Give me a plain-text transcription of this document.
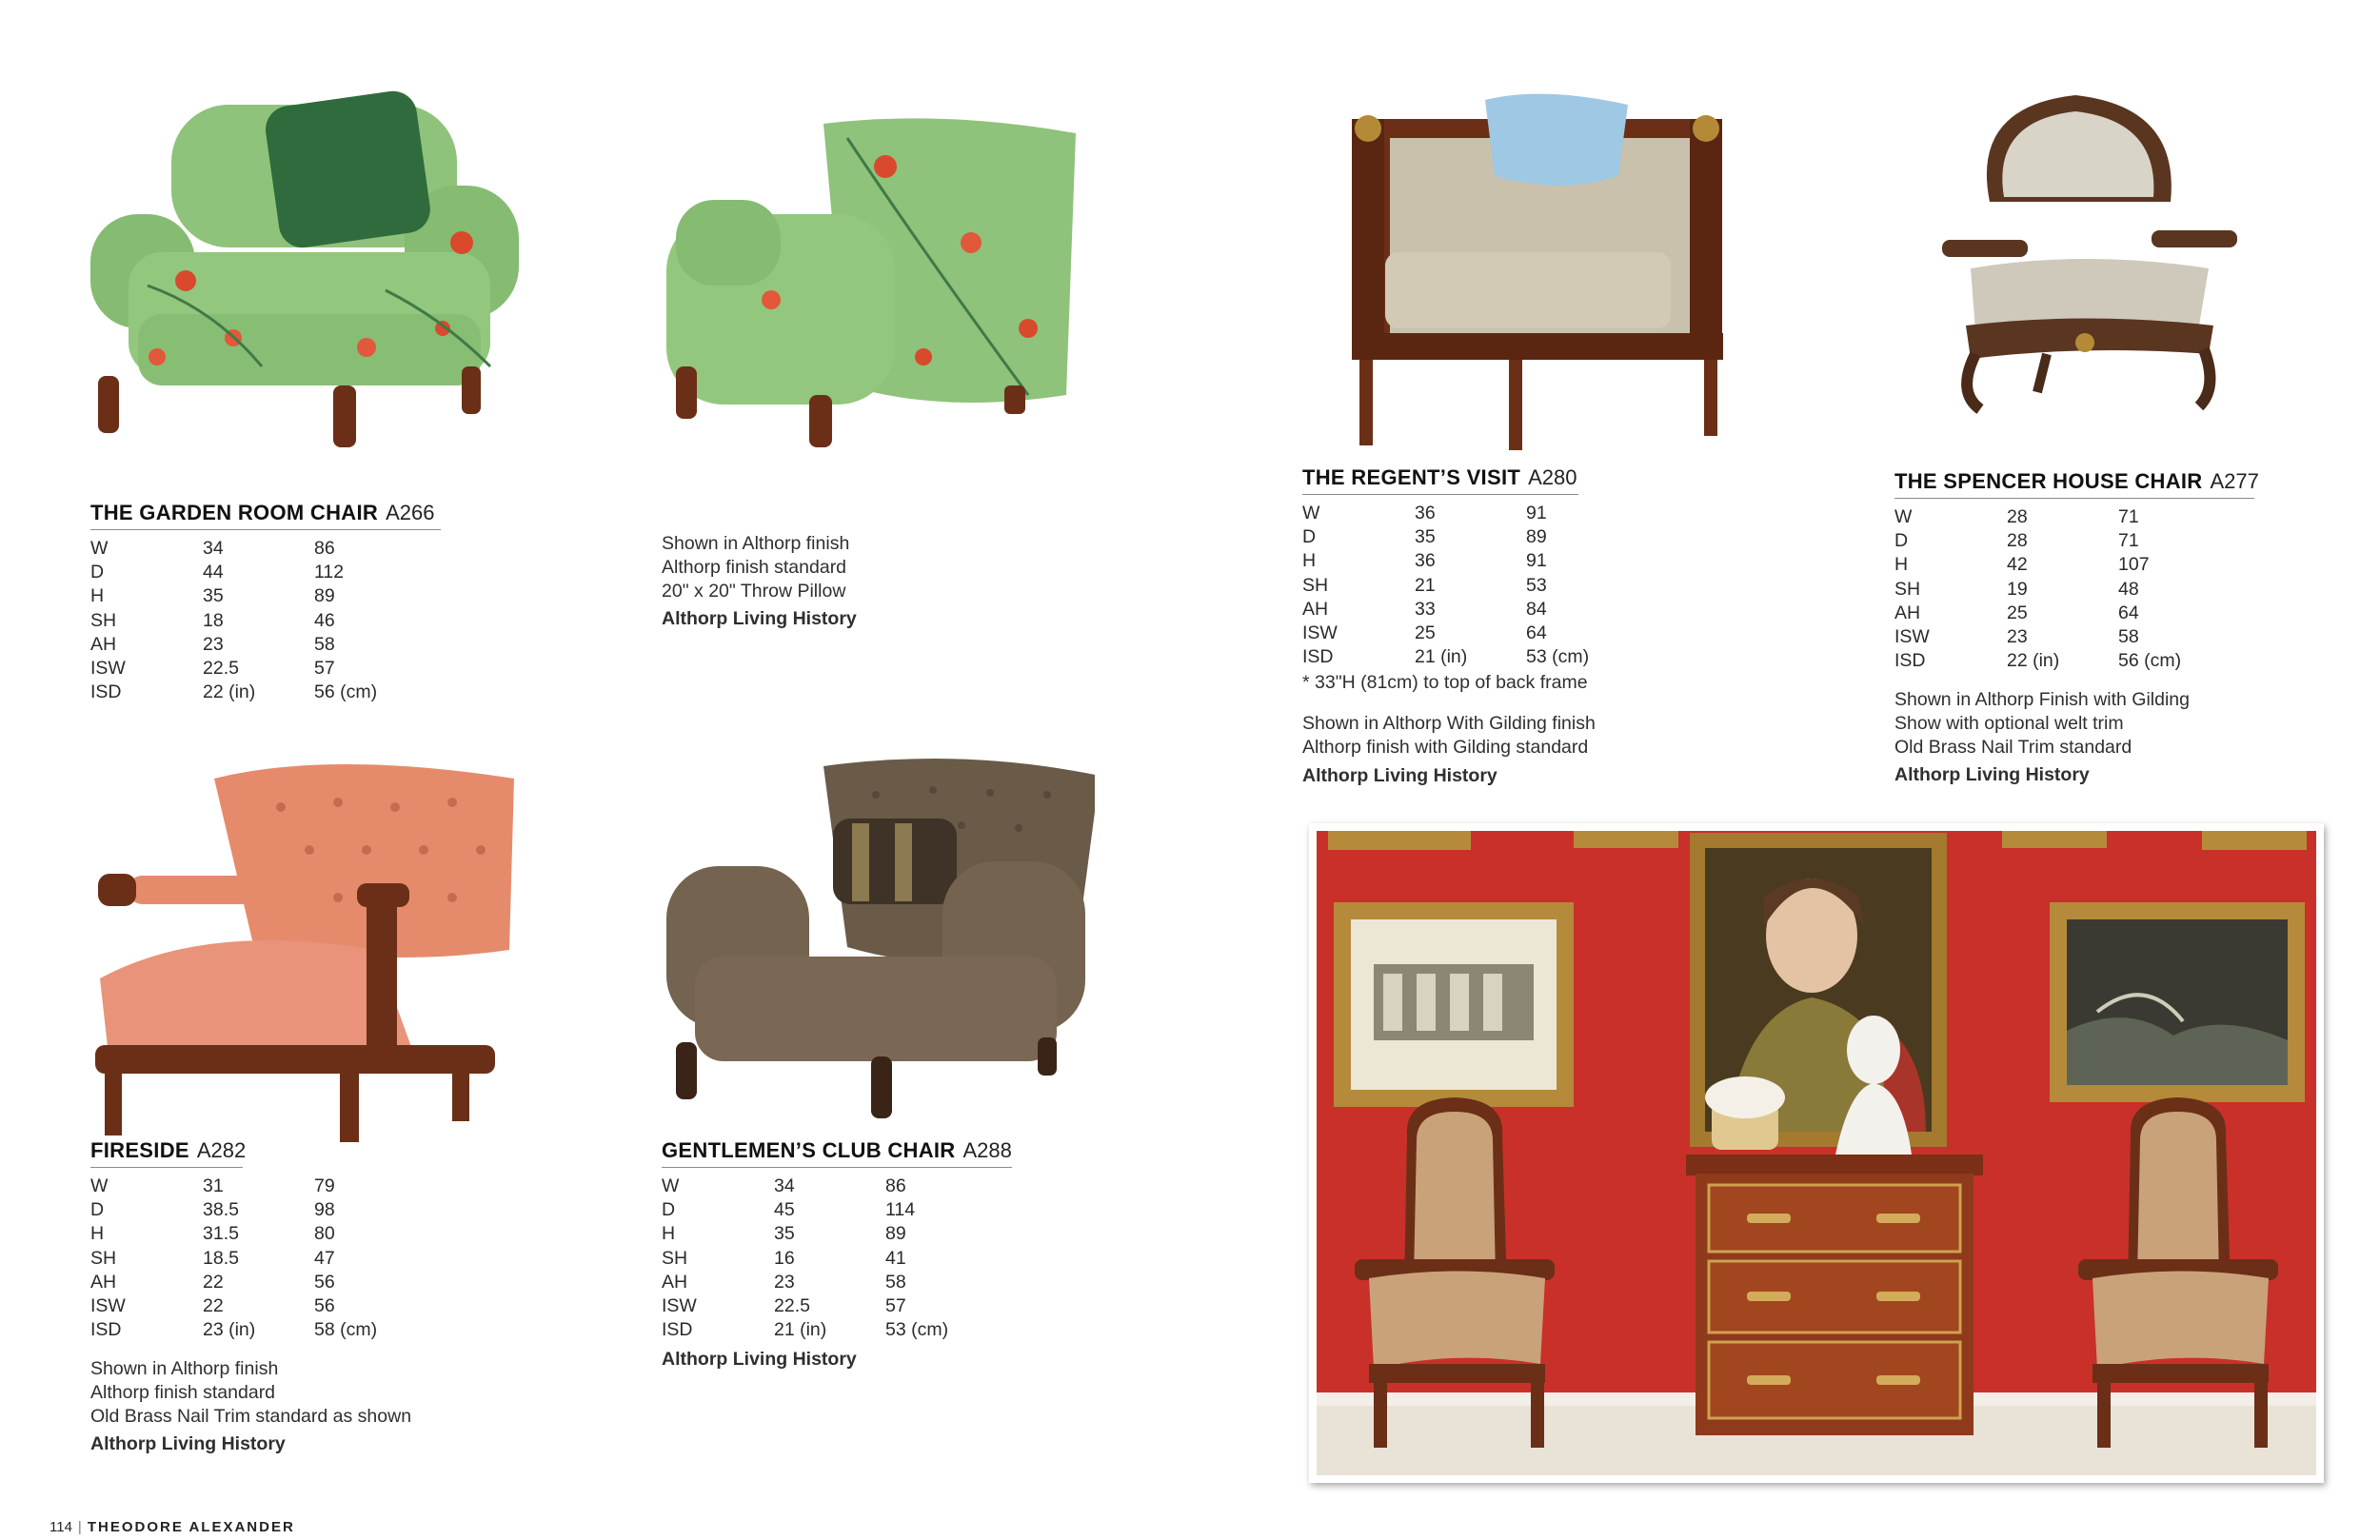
THE GARDEN ROOM CHAIR A266
W	34	86
D	44	112
H	35	89
SH	18	46
AH	23	58
ISW	22.5	57
ISD	22 (in)	56 (cm)
Shown in Althorp finish
Althorp finish standard
20" x 20" Throw Pillow
Althorp Living History
THE REGENT’S VISIT A280
W	36	91
D	35	89
H	36	91
SH	21	53
AH	33	84
ISW	25	64
ISD	21 (in)	53 (cm)
* 33"H (81cm) to top of back frame
Shown in Althorp With Gilding finish
Althorp finish with Gilding standard
Althorp Living History
THE SPENCER HOUSE CHAIR A277
W	28	71
D	28	71
H	42	107
SH	19	48
AH	25	64
ISW	23	58
ISD	22 (in)	56 (cm)
Shown in Althorp Finish with Gilding
Show with optional welt trim
Old Brass Nail Trim standard
Althorp Living History
FIRESIDE A282
W	31	79
D	38.5	98
H	31.5	80
SH	18.5	47
AH	22	56
ISW	22	56
ISD	23 (in)	58 (cm)
Shown in Althorp finish
Althorp finish standard
Old Brass Nail Trim standard as shown
Althorp Living History
GENTLEMEN’S CLUB CHAIR A288
W	34	86
D	45	114
H	35	89
SH	16	41
AH	23	58
ISW	22.5	57
ISD	21 (in)	53 (cm)
Althorp Living History
114 | THEODORE ALEXANDER
